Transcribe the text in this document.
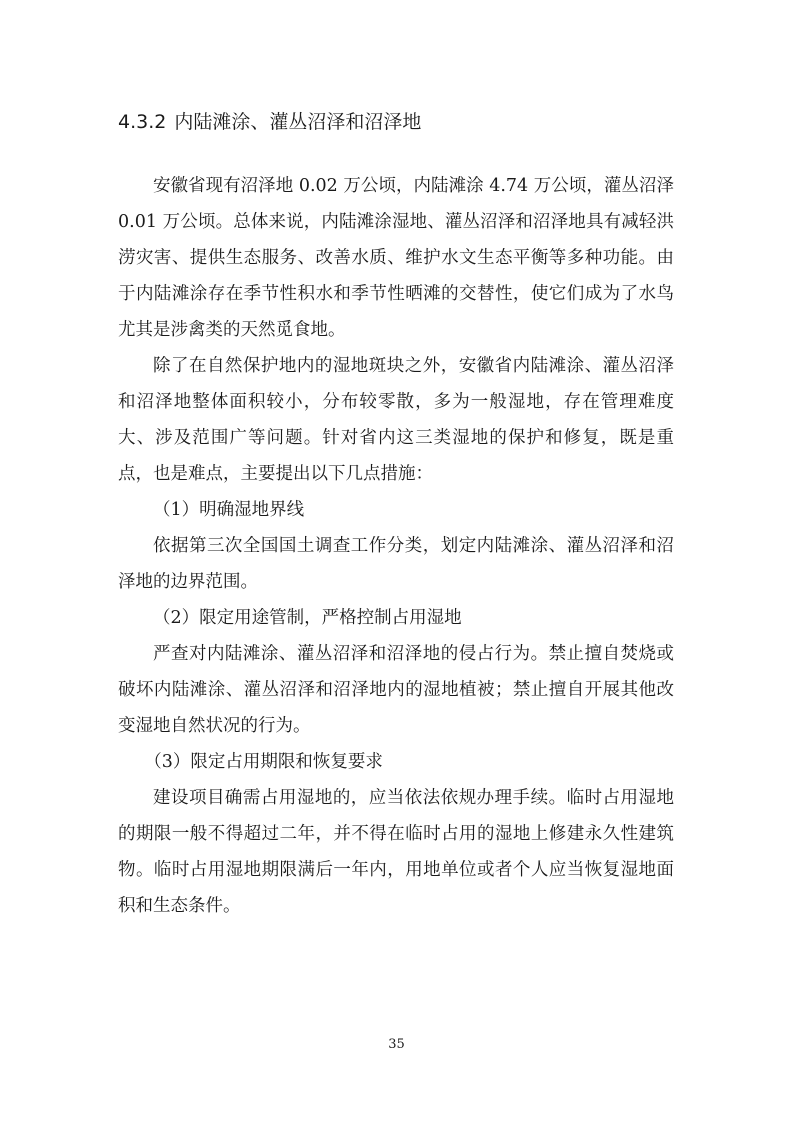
4.3.2 内陆滩涂、灌丛沼泽和沼泽地

安徽省现有沼泽地 0.02 万公顷，内陆滩涂 4.74 万公顷，灌丛沼泽 0.01 万公顷。总体来说，内陆滩涂湿地、灌丛沼泽和沼泽地具有减轻洪涝灾害、提供生态服务、改善水质、维护水文生态平衡等多种功能。由于内陆滩涂存在季节性积水和季节性晒滩的交替性，使它们成为了水鸟尤其是涉禽类的天然觅食地。

除了在自然保护地内的湿地斑块之外，安徽省内陆滩涂、灌丛沼泽和沼泽地整体面积较小，分布较零散，多为一般湿地，存在管理难度大、涉及范围广等问题。针对省内这三类湿地的保护和修复，既是重点，也是难点，主要提出以下几点措施：

（1）明确湿地界线

依据第三次全国国土调查工作分类，划定内陆滩涂、灌丛沼泽和沼泽地的边界范围。

（2）限定用途管制，严格控制占用湿地

严查对内陆滩涂、灌丛沼泽和沼泽地的侵占行为。禁止擅自焚烧或破坏内陆滩涂、灌丛沼泽和沼泽地内的湿地植被；禁止擅自开展其他改变湿地自然状况的行为。

（3）限定占用期限和恢复要求

建设项目确需占用湿地的，应当依法依规办理手续。临时占用湿地的期限一般不得超过二年，并不得在临时占用的湿地上修建永久性建筑物。临时占用湿地期限满后一年内，用地单位或者个人应当恢复湿地面积和生态条件。

35
